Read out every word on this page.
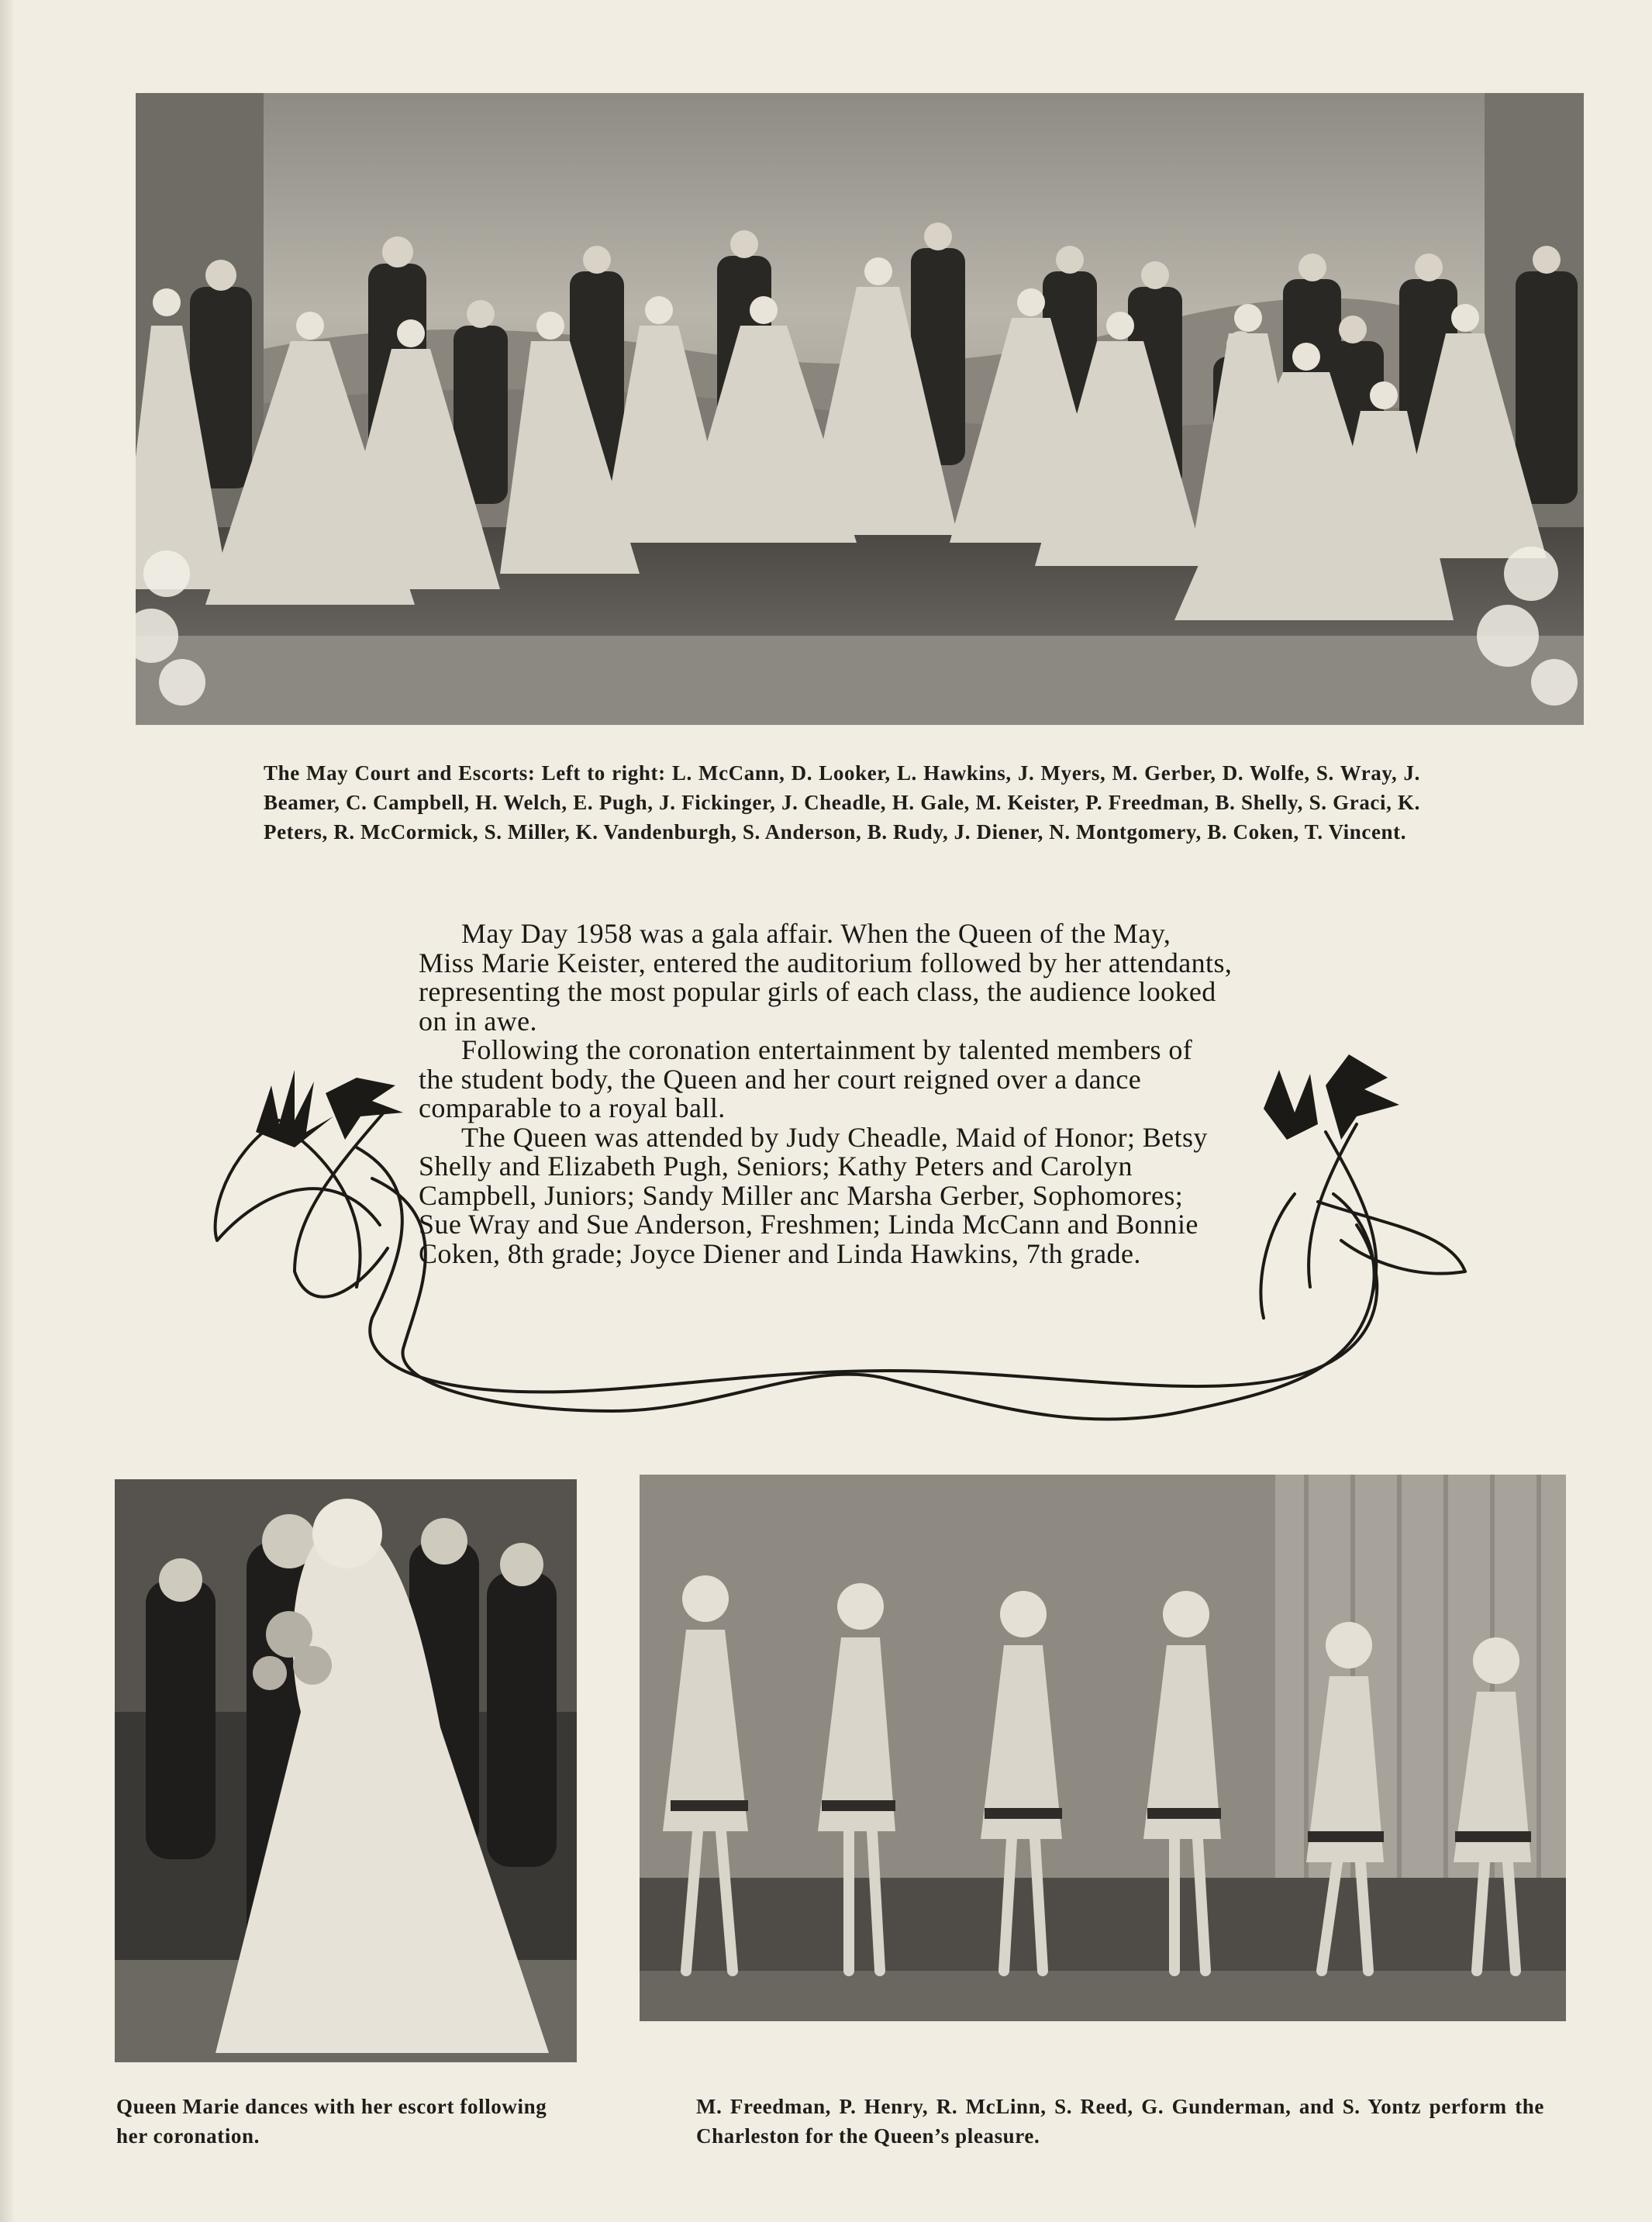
The May Court and Escorts: Left to right: L. McCann, D. Looker, L. Hawkins, J. Myers, M. Gerber, D. Wolfe, S. Wray, J. Beamer, C. Campbell, H. Welch, E. Pugh, J. Fickinger, J. Cheadle, H. Gale, M. Keister, P. Freedman, B. Shelly, S. Graci, K. Peters, R. McCormick, S. Miller, K. Vandenburgh, S. Anderson, B. Rudy, J. Diener, N. Montgomery, B. Coken, T. Vincent.

May Day 1958 was a gala affair. When the Queen of the May, Miss Marie Keister, entered the auditorium followed by her attendants, representing the most popular girls of each class, the audience looked on in awe.

Following the coronation entertainment by talented members of the student body, the Queen and her court reigned over a dance comparable to a royal ball.

The Queen was attended by Judy Cheadle, Maid of Honor; Betsy Shelly and Elizabeth Pugh, Seniors; Kathy Peters and Carolyn Campbell, Juniors; Sandy Miller anc Marsha Gerber, Sophomores; Sue Wray and Sue Anderson, Freshmen; Linda McCann and Bonnie Coken, 8th grade; Joyce Diener and Linda Hawkins, 7th grade.

Queen Marie dances with her escort following her coronation.

M. Freedman, P. Henry, R. McLinn, S. Reed, G. Gunderman, and S. Yontz perform the Charleston for the Queen’s pleasure.
